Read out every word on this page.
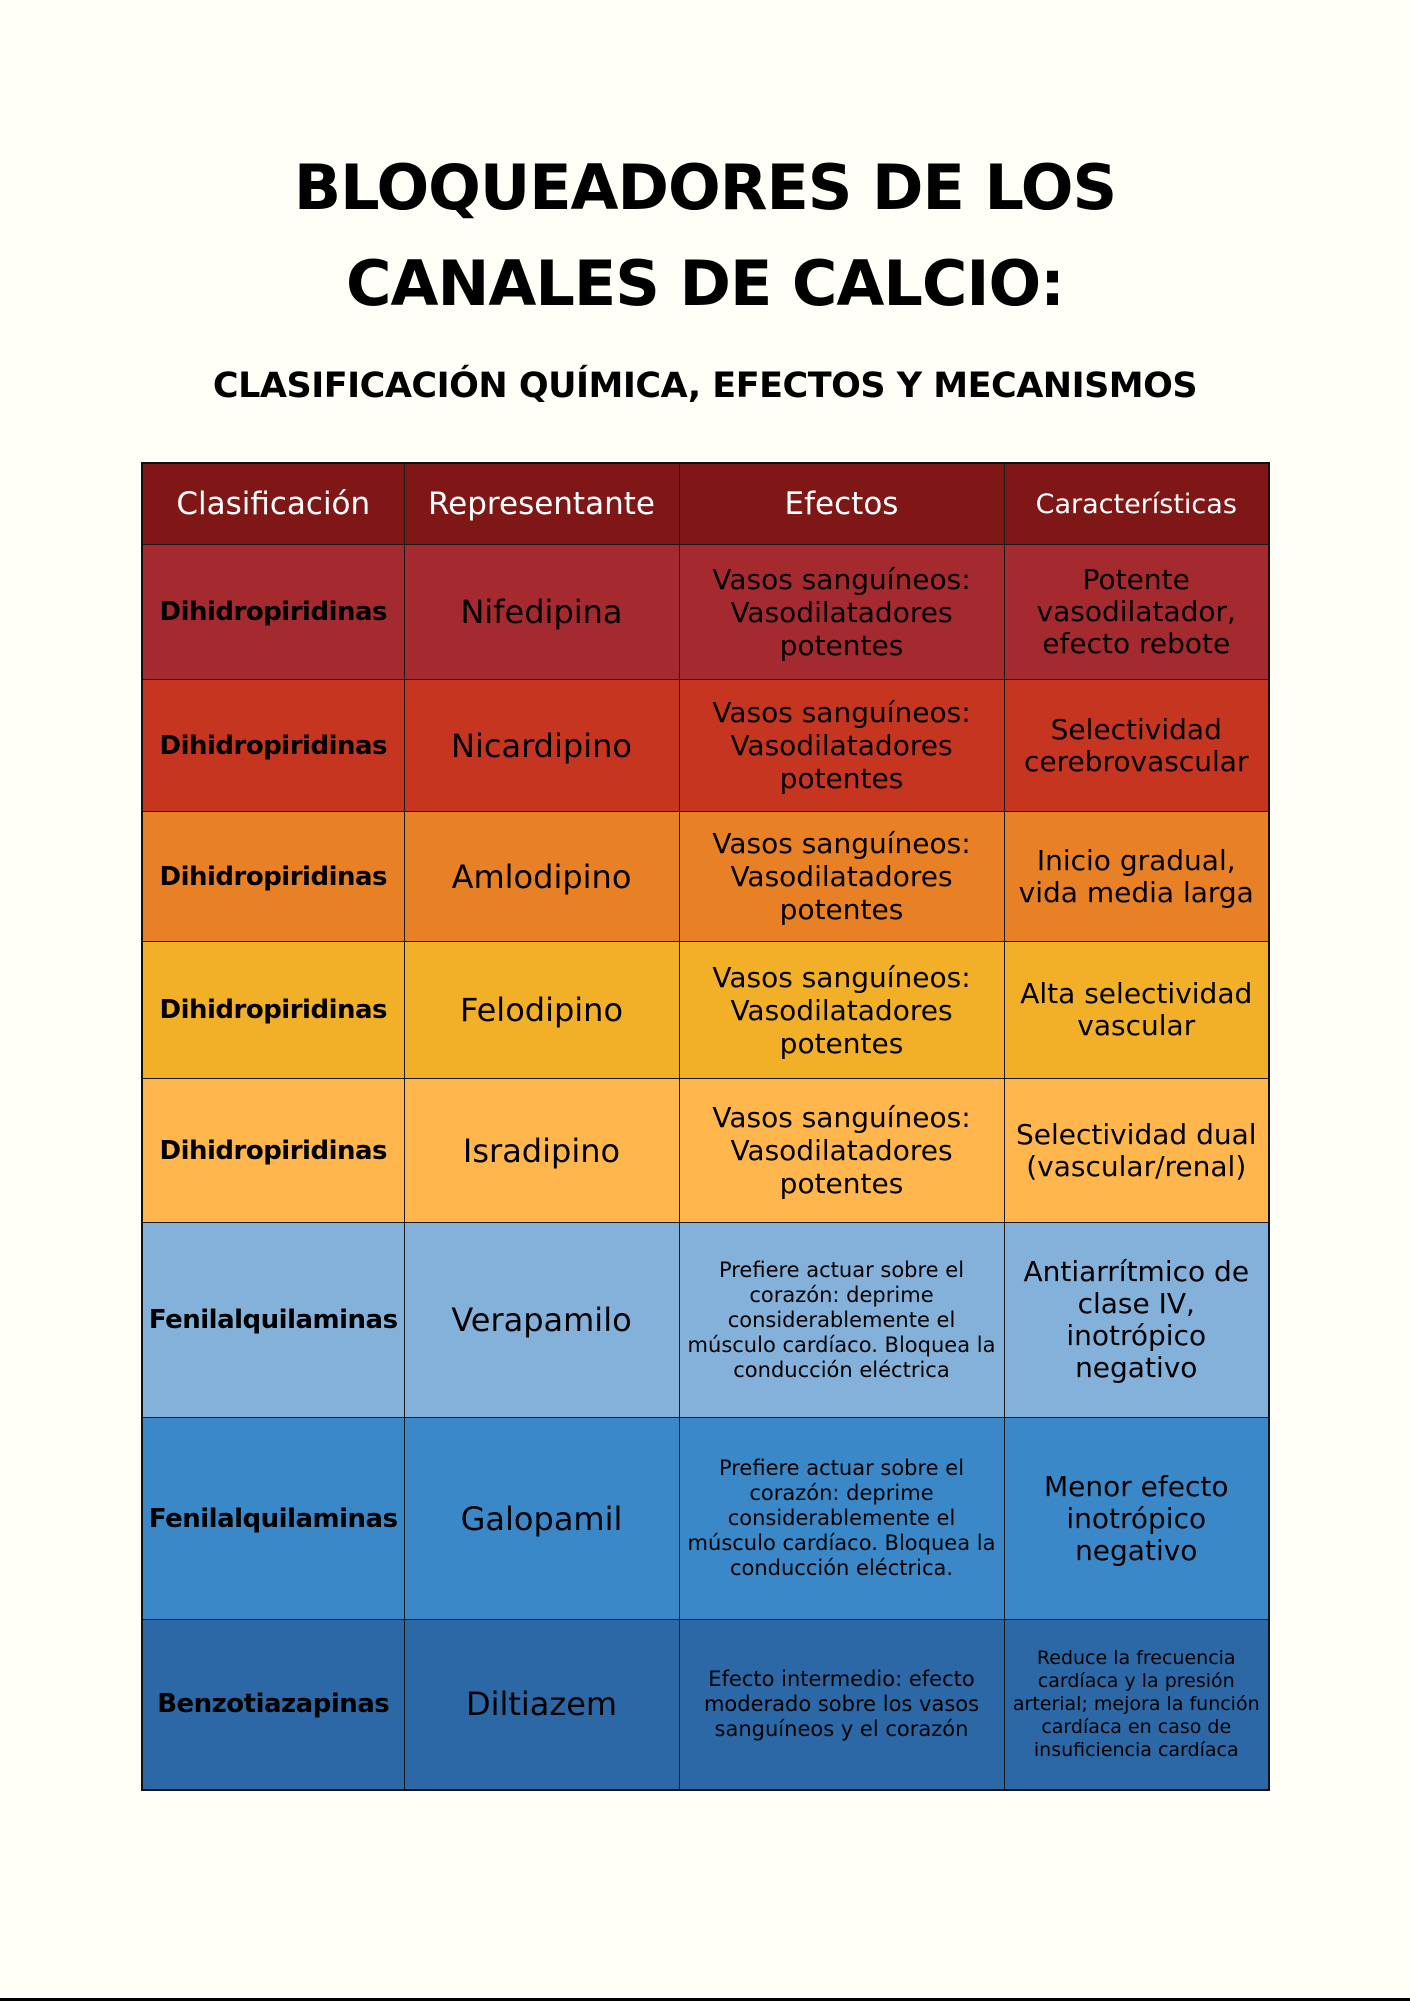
BLOQUEADORES DE LOS
CANALES DE CALCIO:
CLASIFICACIÓN QUÍMICA, EFECTOS Y MECANISMOS
Clasificación	Representante	Efectos	Características
Dihidropiridinas	Nifedipina	Vasos sanguíneos: Vasodilatadores potentes	Potente vasodilatador, efecto rebote
Dihidropiridinas	Nicardipino	Vasos sanguíneos: Vasodilatadores potentes	Selectividad cerebrovascular
Dihidropiridinas	Amlodipino	Vasos sanguíneos: Vasodilatadores potentes	Inicio gradual, vida media larga
Dihidropiridinas	Felodipino	Vasos sanguíneos: Vasodilatadores potentes	Alta selectividad vascular
Dihidropiridinas	Isradipino	Vasos sanguíneos: Vasodilatadores potentes	Selectividad dual (vascular/renal)
Fenilalquilaminas	Verapamilo	Prefiere actuar sobre el corazón: deprime considerablemente el músculo cardíaco. Bloquea la conducción eléctrica	Antiarrítmico de clase IV, inotrópico negativo
Fenilalquilaminas	Galopamil	Prefiere actuar sobre el corazón: deprime considerablemente el músculo cardíaco. Bloquea la conducción eléctrica.	Menor efecto inotrópico negativo
Benzotiazapinas	Diltiazem	Efecto intermedio: efecto moderado sobre los vasos sanguíneos y el corazón	Reduce la frecuencia cardíaca y la presión arterial; mejora la función cardíaca en caso de insuficiencia cardíaca
